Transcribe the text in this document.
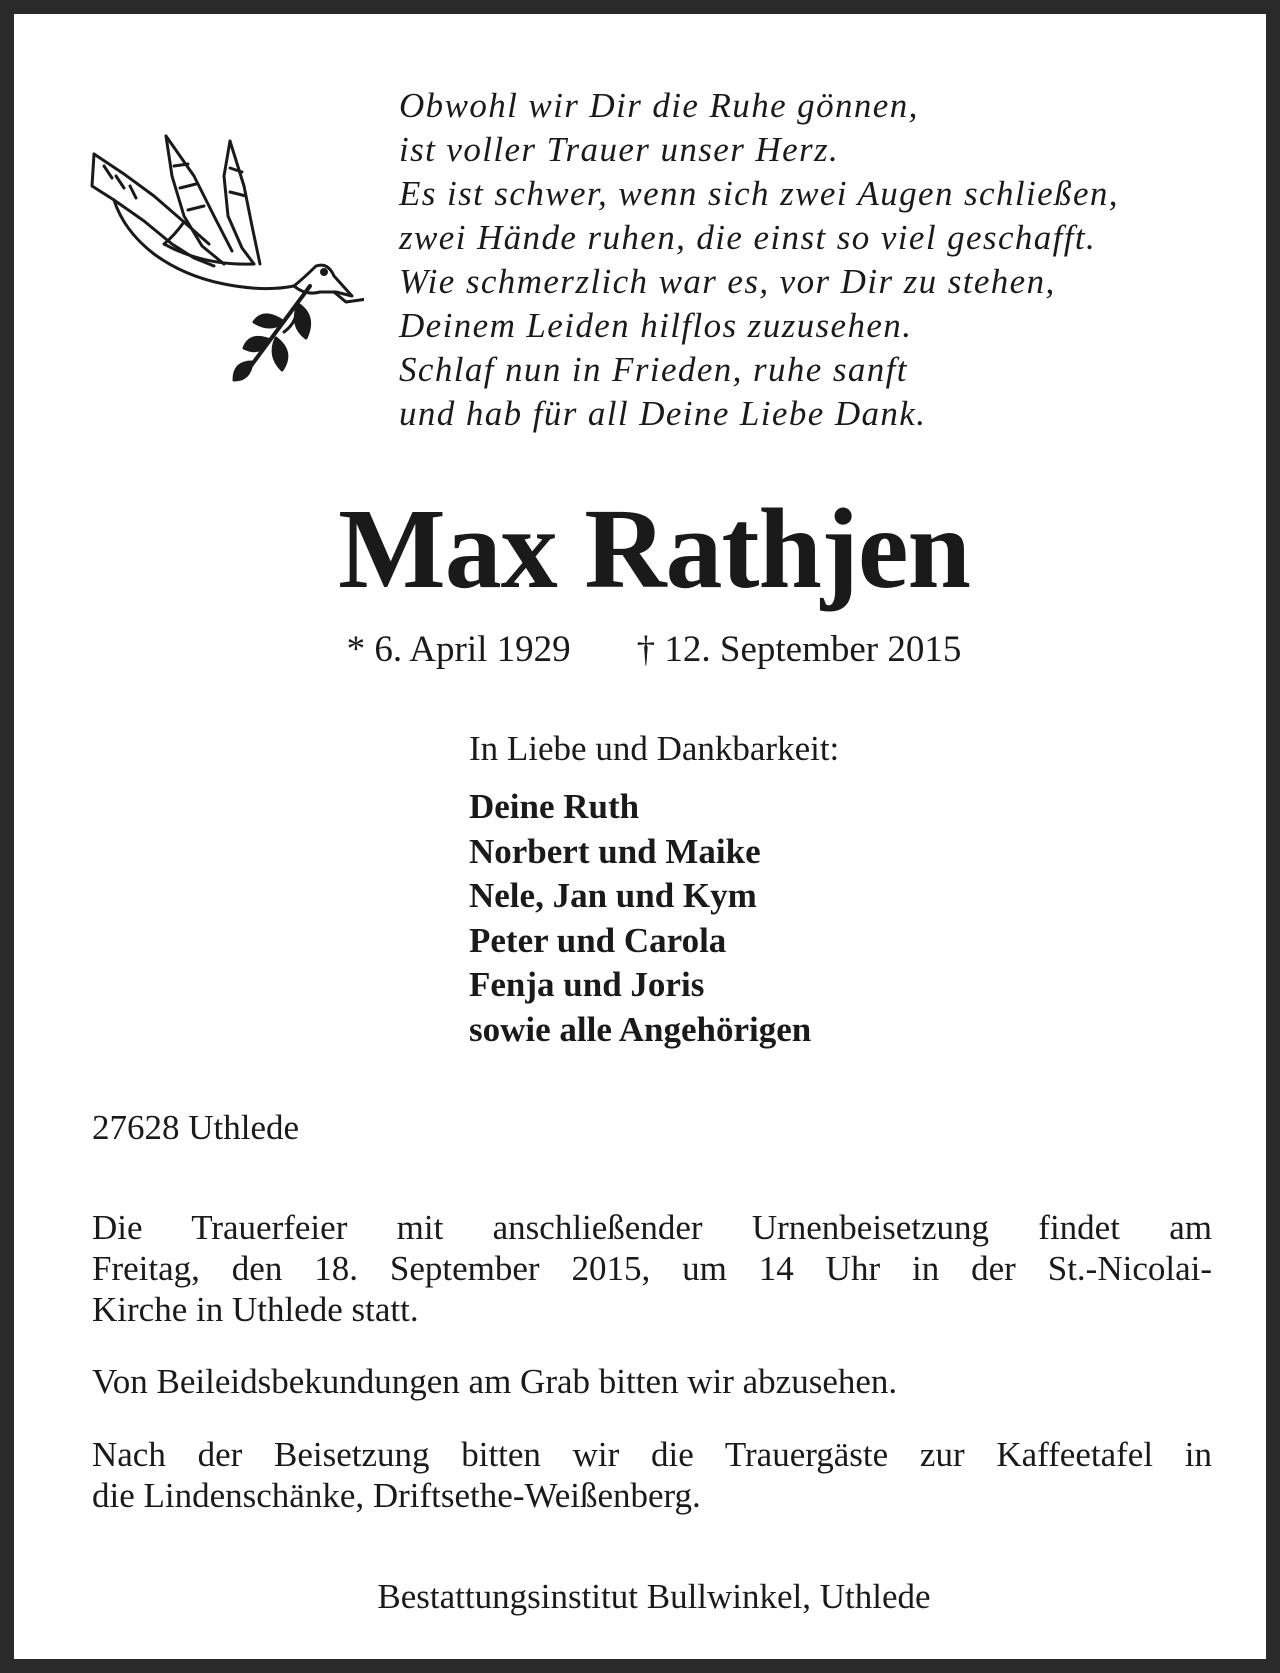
Obwohl wir Dir die Ruhe gönnen,
ist voller Trauer unser Herz.
Es ist schwer, wenn sich zwei Augen schließen,
zwei Hände ruhen, die einst so viel geschafft.
Wie schmerzlich war es, vor Dir zu stehen,
Deinem Leiden hilflos zuzusehen.
Schlaf nun in Frieden, ruhe sanft
und hab für all Deine Liebe Dank.
Max Rathjen
* 6. April 1929 † 12. September 2015
In Liebe und Dankbarkeit:
Deine Ruth
Norbert und Maike
Nele, Jan und Kym
Peter und Carola
Fenja und Joris
sowie alle Angehörigen
27628 Uthlede
Die Trauerfeier mit anschließender Urnenbeisetzung findet am
Freitag, den 18. September 2015, um 14 Uhr in der St.-Nicolai-
Kirche in Uthlede statt.
Von Beileidsbekundungen am Grab bitten wir abzusehen.
Nach der Beisetzung bitten wir die Trauergäste zur Kaffeetafel in
die Lindenschänke, Driftsethe-Weißenberg.
Bestattungsinstitut Bullwinkel, Uthlede
